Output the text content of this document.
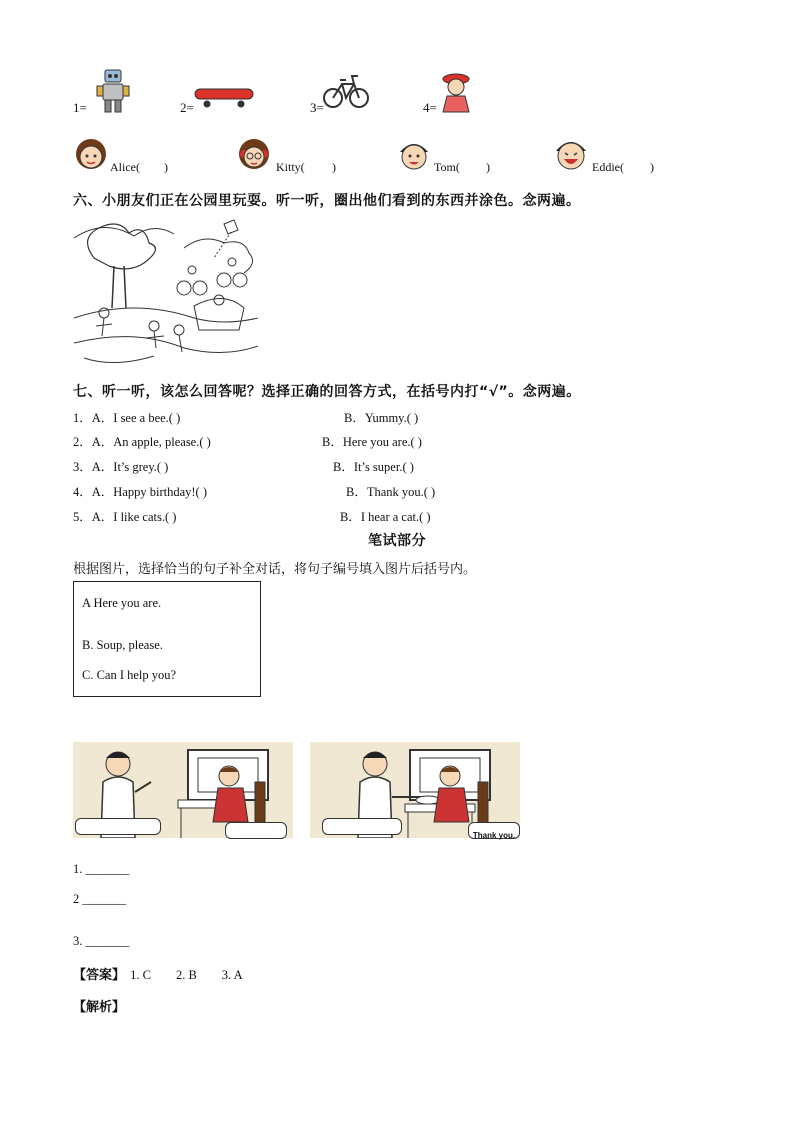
1=	2=	3=	4=
Alice( )	Kitty( )	Tom( )	Eddie( )
六、小朋友们正在公园里玩耍。听一听，圈出他们看到的东西并涂色。念两遍。
七、听一听，该怎么回答呢？选择正确的回答方式，在括号内打“√”。念两遍。
1．A．I see a bee.( )	B．Yummy.( )
2．A．An apple, please.( )	B．Here you are.( )
3．A．It’s grey.( )	B．It’s super.( )
4．A．Happy birthday!( )	B．Thank you.( )
5．A．I like cats.( )	B．I hear a cat.( )
笔试部分
根据图片，选择恰当的句子补全对话，将句子编号填入图片后括号内。
A Here you are.
B. Soup, please.
C. Can I help you?
Thank you.
1. _______
2 _______
3. _______
【答案】 1. C        2. B        3. A
【解析】
